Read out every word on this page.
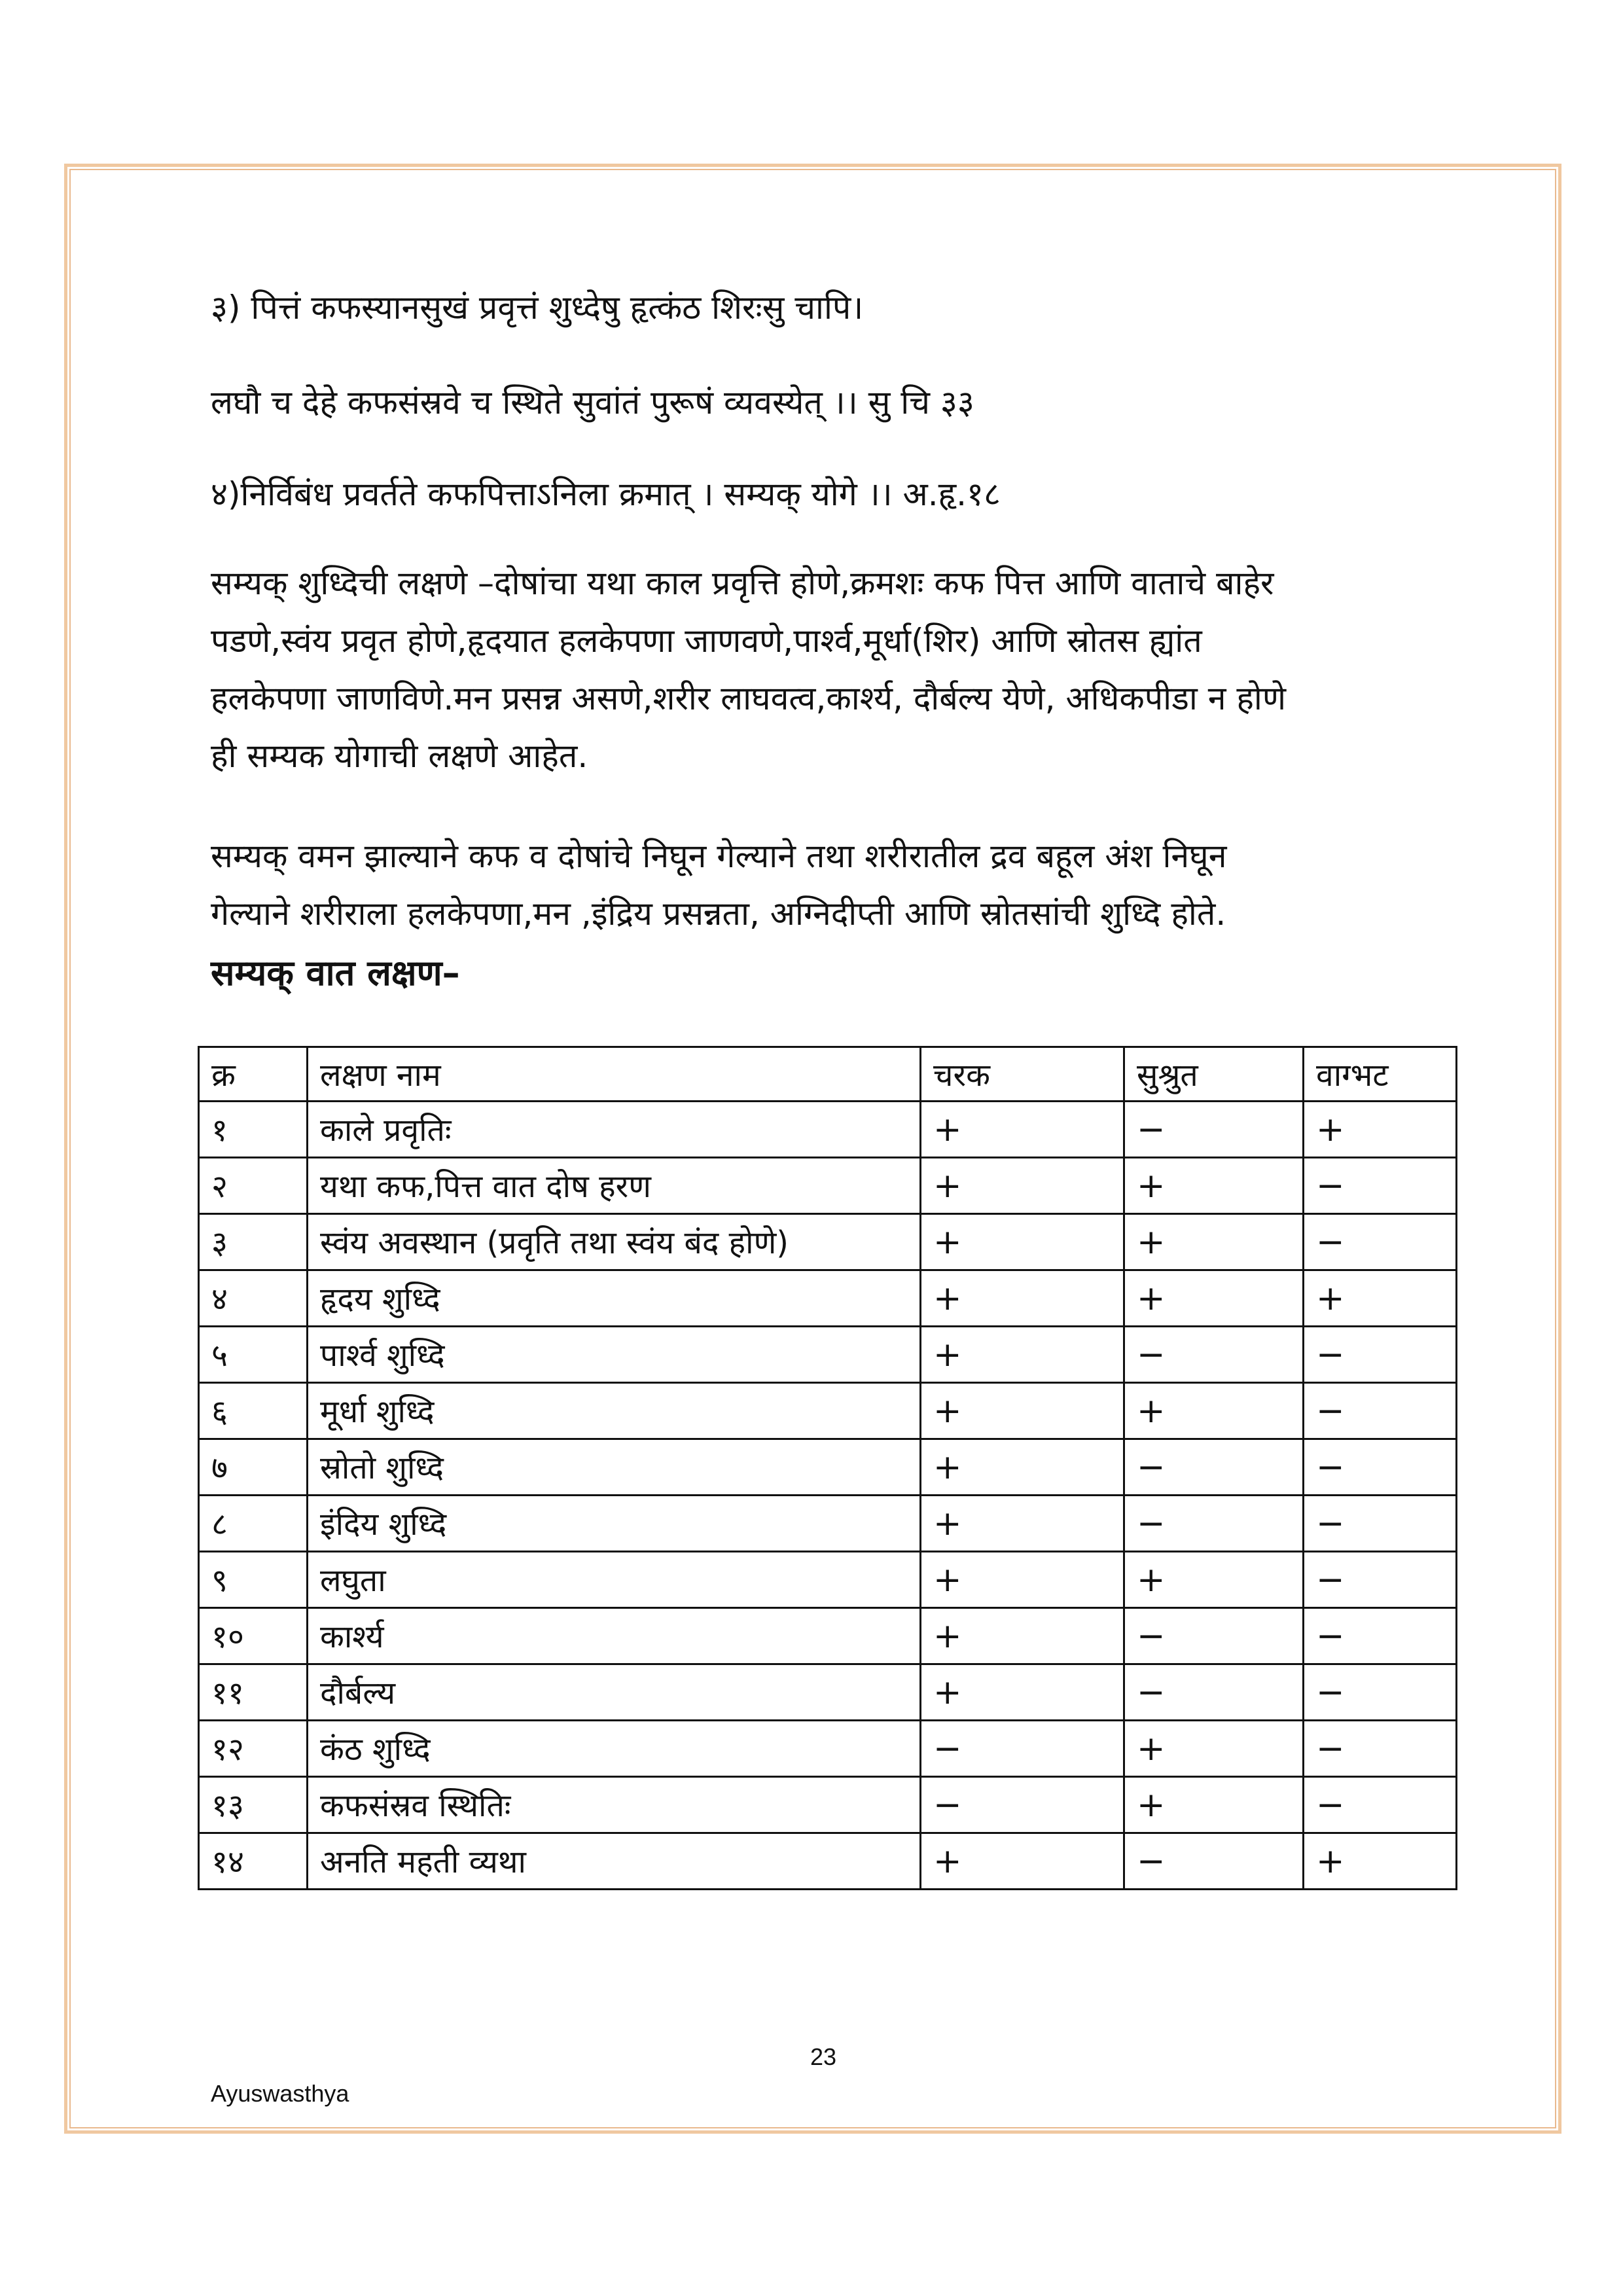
३) पित्तं कफस्यानसुखं प्रवृत्तं शुध्देषु हृत्कंठ शिरःसु चापि।
लघौ च देहे कफसंस्रवे च स्थिते सुवांतं पुरूषं व्यवस्येत् ।। सु चि ३३
४)निर्विबंध प्रवर्तते कफपित्ताऽनिला क्रमात् । सम्यक् योगे ।। अ.हृ.१८
सम्यक् शुध्दिची लक्षणे –दोषांचा यथा काल प्रवृत्ति होणे,क्रमशः कफ पित्त आणि वाताचे बाहेर
पडणे,स्वंय प्रवृत होणे,हृदयात हलकेपणा जाणवणे,पार्श्व,मूर्धा(शिर) आणि स्रोतस ह्यांत
हलकेपणा जाणविणे.मन प्रसन्न असणे,शरीर लाघवत्व,कार्श्य, दौर्बल्य येणे, अधिकपीडा न होणे
ही सम्यक योगाची लक्षणे आहेत.
सम्यक् वमन झाल्याने कफ व दोषांचे निघून गेल्याने तथा शरीरातील द्रव बहूल अंश निघून
गेल्याने शरीराला हलकेपणा,मन ,इंद्रिय प्रसन्नता, अग्निदीप्ती आणि स्रोतसांची शुध्दि होते.
सम्यक् वात लक्षण–
क्र	लक्षण नाम	चरक	सुश्रुत	वाग्भट
१	काले प्रवृतिः	+	−	+
२	यथा कफ,पित्त वात दोष हरण	+	+	−
३	स्वंय अवस्थान (प्रवृति तथा स्वंय बंद होणे)	+	+	−
४	हृदय शुध्दि	+	+	+
५	पार्श्व शुध्दि	+	−	−
६	मूर्धा शुध्दि	+	+	−
७	स्रोतो शुध्दि	+	−	−
८	इंदिय शुध्दि	+	−	−
९	लघुता	+	+	−
१०	कार्श्य	+	−	−
११	दौर्बल्य	+	−	−
१२	कंठ शुध्दि	−	+	−
१३	कफसंस्रव स्थितिः	−	+	−
१४	अनति महती व्यथा	+	−	+
23
Ayuswasthya
